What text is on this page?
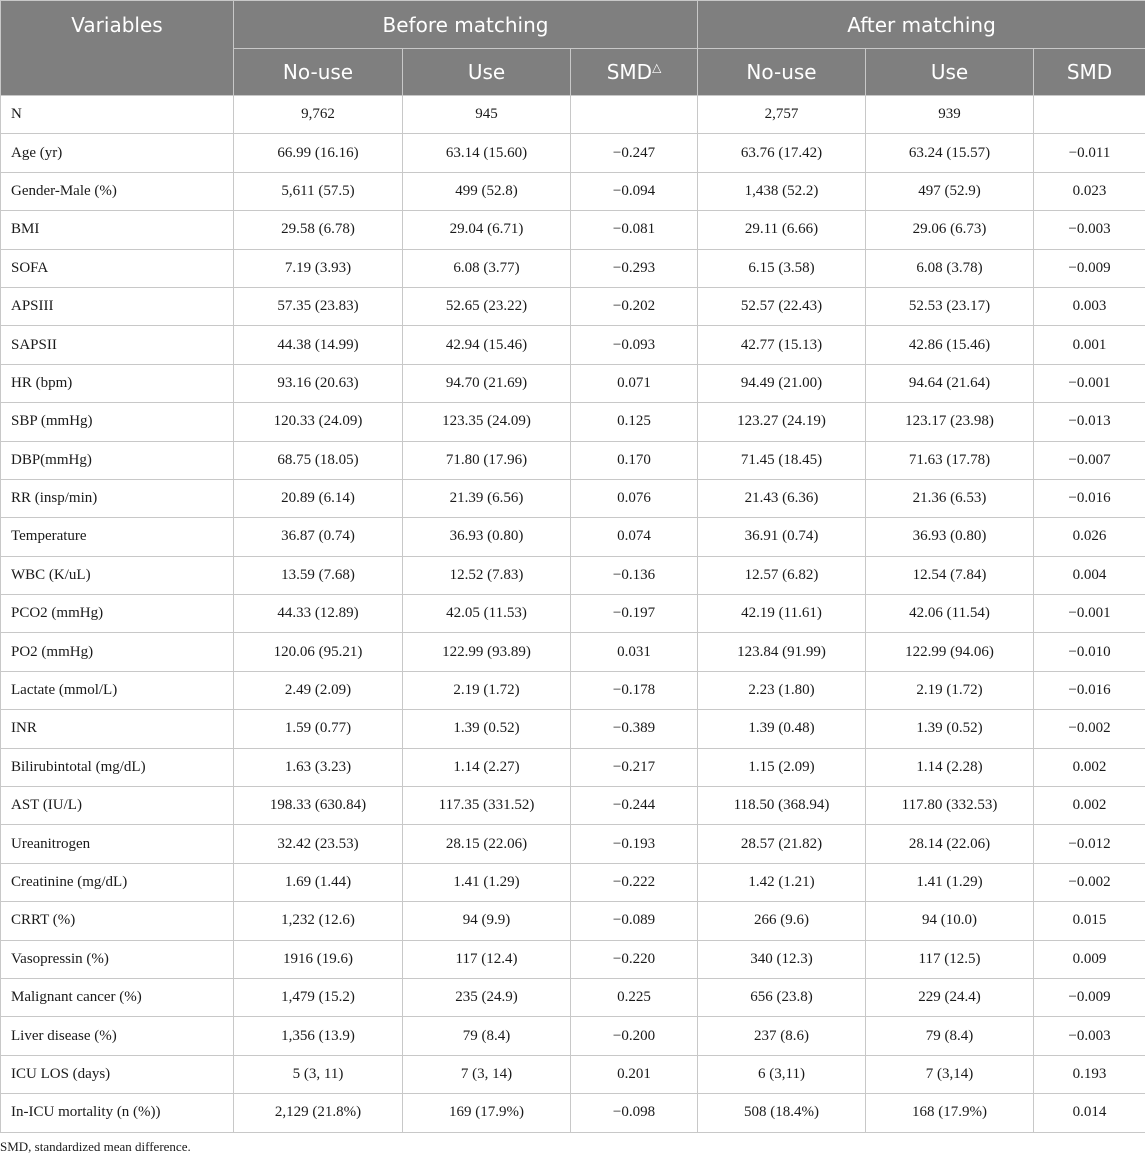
Variables	Before matching			After matching		
	No-use	Use	SMD△	No-use	Use	SMD
N	9,762	945		2,757	939	
Age (yr)	66.99 (16.16)	63.14 (15.60)	−0.247	63.76 (17.42)	63.24 (15.57)	−0.011
Gender-Male (%)	5,611 (57.5)	499 (52.8)	−0.094	1,438 (52.2)	497 (52.9)	0.023
BMI	29.58 (6.78)	29.04 (6.71)	−0.081	29.11 (6.66)	29.06 (6.73)	−0.003
SOFA	7.19 (3.93)	6.08 (3.77)	−0.293	6.15 (3.58)	6.08 (3.78)	−0.009
APSIII	57.35 (23.83)	52.65 (23.22)	−0.202	52.57 (22.43)	52.53 (23.17)	0.003
SAPSII	44.38 (14.99)	42.94 (15.46)	−0.093	42.77 (15.13)	42.86 (15.46)	0.001
HR (bpm)	93.16 (20.63)	94.70 (21.69)	0.071	94.49 (21.00)	94.64 (21.64)	−0.001
SBP (mmHg)	120.33 (24.09)	123.35 (24.09)	0.125	123.27 (24.19)	123.17 (23.98)	−0.013
DBP(mmHg)	68.75 (18.05)	71.80 (17.96)	0.170	71.45 (18.45)	71.63 (17.78)	−0.007
RR (insp/min)	20.89 (6.14)	21.39 (6.56)	0.076	21.43 (6.36)	21.36 (6.53)	−0.016
Temperature	36.87 (0.74)	36.93 (0.80)	0.074	36.91 (0.74)	36.93 (0.80)	0.026
WBC (K/uL)	13.59 (7.68)	12.52 (7.83)	−0.136	12.57 (6.82)	12.54 (7.84)	0.004
PCO2 (mmHg)	44.33 (12.89)	42.05 (11.53)	−0.197	42.19 (11.61)	42.06 (11.54)	−0.001
PO2 (mmHg)	120.06 (95.21)	122.99 (93.89)	0.031	123.84 (91.99)	122.99 (94.06)	−0.010
Lactate (mmol/L)	2.49 (2.09)	2.19 (1.72)	−0.178	2.23 (1.80)	2.19 (1.72)	−0.016
INR	1.59 (0.77)	1.39 (0.52)	−0.389	1.39 (0.48)	1.39 (0.52)	−0.002
Bilirubintotal (mg/dL)	1.63 (3.23)	1.14 (2.27)	−0.217	1.15 (2.09)	1.14 (2.28)	0.002
AST (IU/L)	198.33 (630.84)	117.35 (331.52)	−0.244	118.50 (368.94)	117.80 (332.53)	0.002
Ureanitrogen	32.42 (23.53)	28.15 (22.06)	−0.193	28.57 (21.82)	28.14 (22.06)	−0.012
Creatinine (mg/dL)	1.69 (1.44)	1.41 (1.29)	−0.222	1.42 (1.21)	1.41 (1.29)	−0.002
CRRT (%)	1,232 (12.6)	94 (9.9)	−0.089	266 (9.6)	94 (10.0)	0.015
Vasopressin (%)	1916 (19.6)	117 (12.4)	−0.220	340 (12.3)	117 (12.5)	0.009
Malignant cancer (%)	1,479 (15.2)	235 (24.9)	0.225	656 (23.8)	229 (24.4)	−0.009
Liver disease (%)	1,356 (13.9)	79 (8.4)	−0.200	237 (8.6)	79 (8.4)	−0.003
ICU LOS (days)	5 (3, 11)	7 (3, 14)	0.201	6 (3,11)	7 (3,14)	0.193
In-ICU mortality (n (%))	2,129 (21.8%)	169 (17.9%)	−0.098	508 (18.4%)	168 (17.9%)	0.014
SMD, standardized mean difference.
